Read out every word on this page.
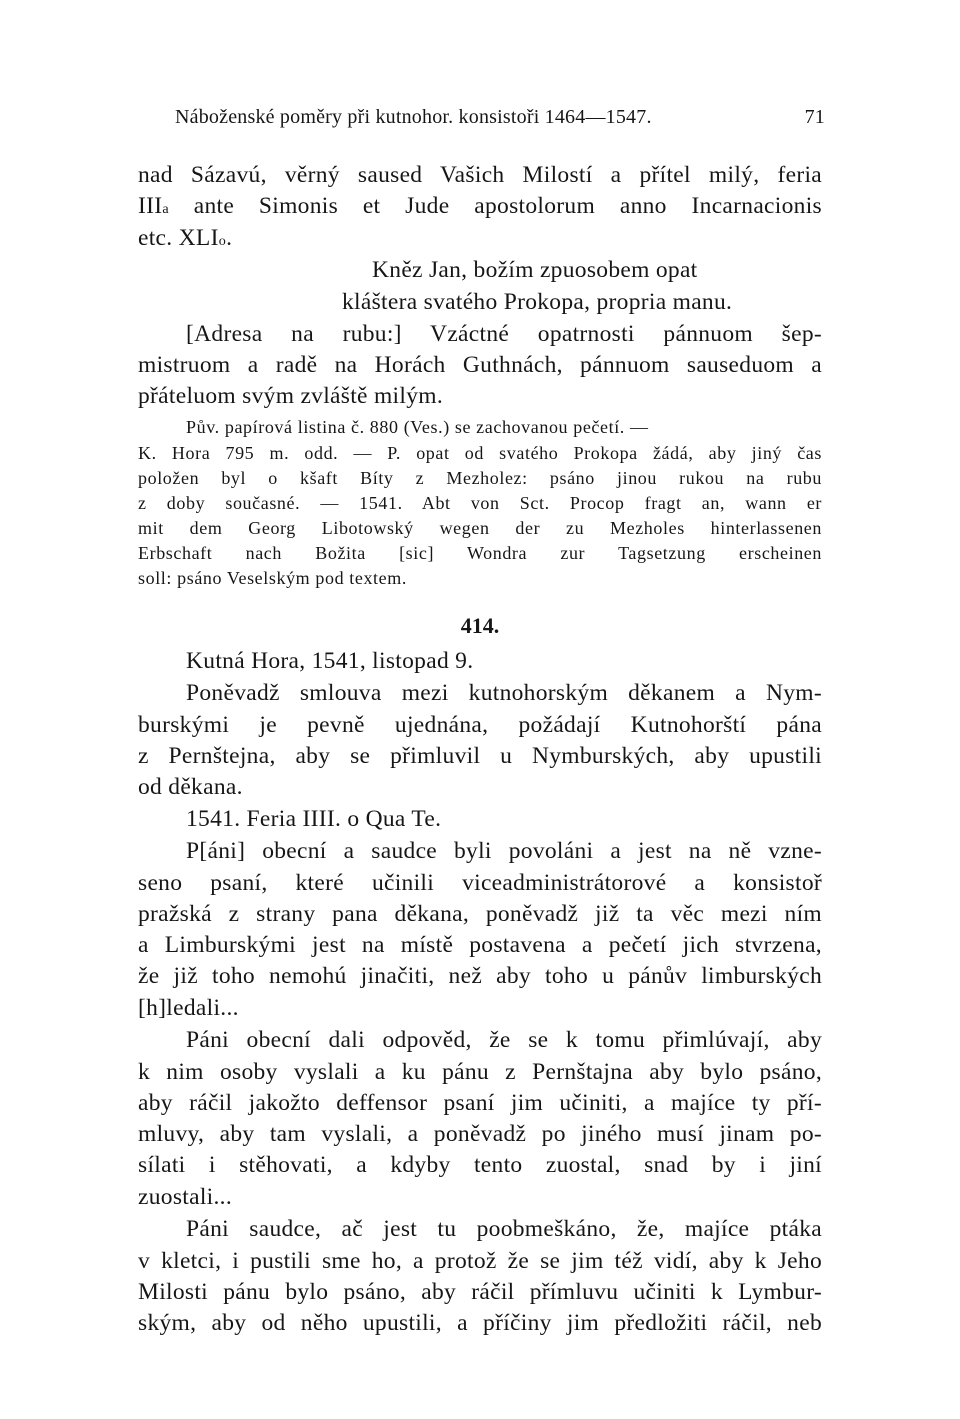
Náboženské poměry při kutnohor. konsistoři 1464—1547.	71
nad Sázavú, věrný saused Vašich Milostí a přítel milý, feria
III$^a$ ante Simonis et Jude apostolorum anno Incarnacionis
etc. XLI$^o$.
Kněz Jan, božím zpuosobem opat
kláštera svatého Prokopa, propria manu.
[Adresa na rubu:] Vzáctné opatrnosti pánnuom šep-
mistruom a radě na Horách Guthnách, pánnuom sauseduom a
přáteluom svým zvláště milým.
Pův. papírová listina č. 880 (Ves.) se zachovanou pečetí. —
K. Hora 795 m. odd. — P. opat od svatého Prokopa žádá, aby jiný čas
položen byl o kšaft Bíty z Mezholez: psáno jinou rukou na rubu
z doby současné. — 1541. Abt von Sct. Procop fragt an, wann er
mit dem Georg Libotowský wegen der zu Mezholes hinterlassenen
Erbschaft nach Božita [sic] Wondra zur Tagsetzung erscheinen
soll: psáno Veselským pod textem.
414.
Kutná Hora, 1541, listopad 9.
Poněvadž smlouva mezi kutnohorským děkanem a Nym-
burskými je pevně ujednána, požádají Kutnohorští pána
z Pernštejna, aby se přimluvil u Nymburských, aby upustili
od děkana.
1541. Feria IIII. o Qua Te.
P[áni] obecní a saudce byli povoláni a jest na ně vzne-
seno psaní, které učinili viceadministrátorové a konsistoř
pražská z strany pana děkana, poněvadž již ta věc mezi ním
a Limburskými jest na místě postavena a pečetí jich stvrzena,
že již toho nemohú jinačiti, než aby toho u pánův limburských
[h]ledali...
Páni obecní dali odpověd, že se k tomu přimlúvají, aby
k nim osoby vyslali a ku pánu z Pernštajna aby bylo psáno,
aby ráčil jakožto deffensor psaní jim učiniti, a majíce ty pří-
mluvy, aby tam vyslali, a poněvadž po jiného musí jinam po-
sílati i stěhovati, a kdyby tento zuostal, snad by i jiní
zuostali...
Páni saudce, ač jest tu poobmeškáno, že, majíce ptáka
v kletci, i pustili sme ho, a protož že se jim též vidí, aby k Jeho
Milosti pánu bylo psáno, aby ráčil přímluvu učiniti k Lymbur-
ským, aby od něho upustili, a příčiny jim předložiti ráčil, neb
